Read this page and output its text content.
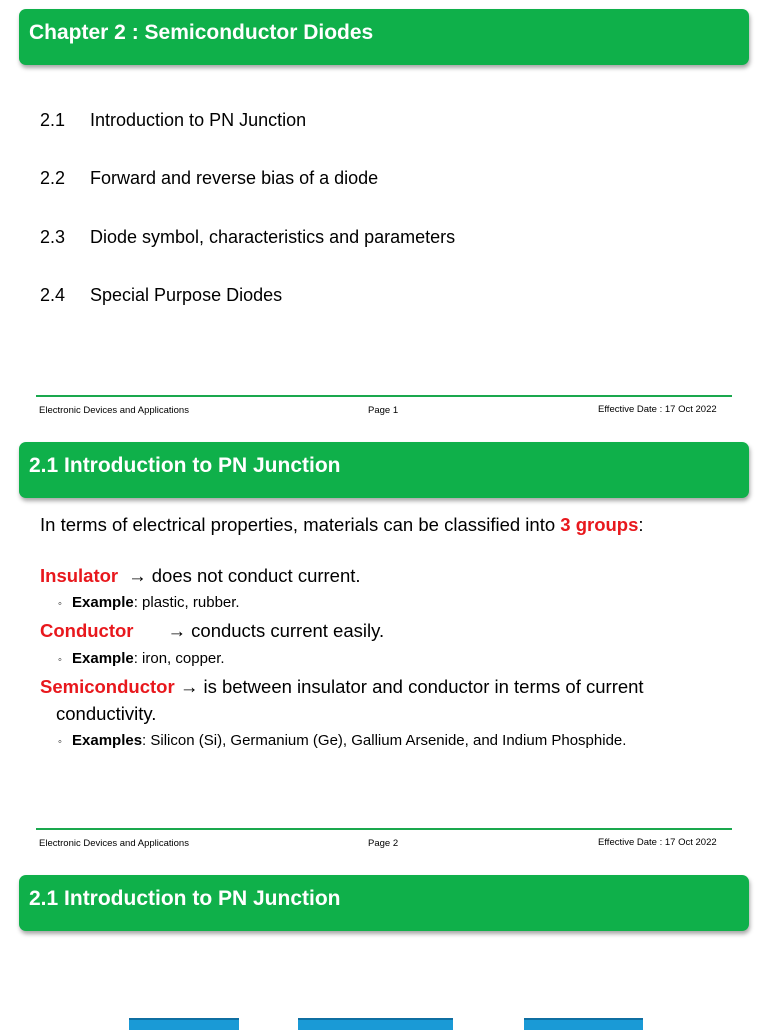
Chapter 2 : Semiconductor Diodes
2.1 Introduction to PN Junction
2.2 Forward and reverse bias of a diode
2.3 Diode symbol, characteristics and parameters
2.4 Special Purpose Diodes
Electronic Devices and Applications	Page 1	Effective Date : 17 Oct 2022
2.1 Introduction to PN Junction
In terms of electrical properties, materials can be classified into 3 groups:
Insulator → does not conduct current.
◦ Example: plastic, rubber.
Conductor → conducts current easily.
◦ Example: iron, copper.
Semiconductor → is between insulator and conductor in terms of current
conductivity.
◦ Examples: Silicon (Si), Germanium (Ge), Gallium Arsenide, and Indium Phosphide.
Electronic Devices and Applications	Page 2	Effective Date : 17 Oct 2022
2.1 Introduction to PN Junction
